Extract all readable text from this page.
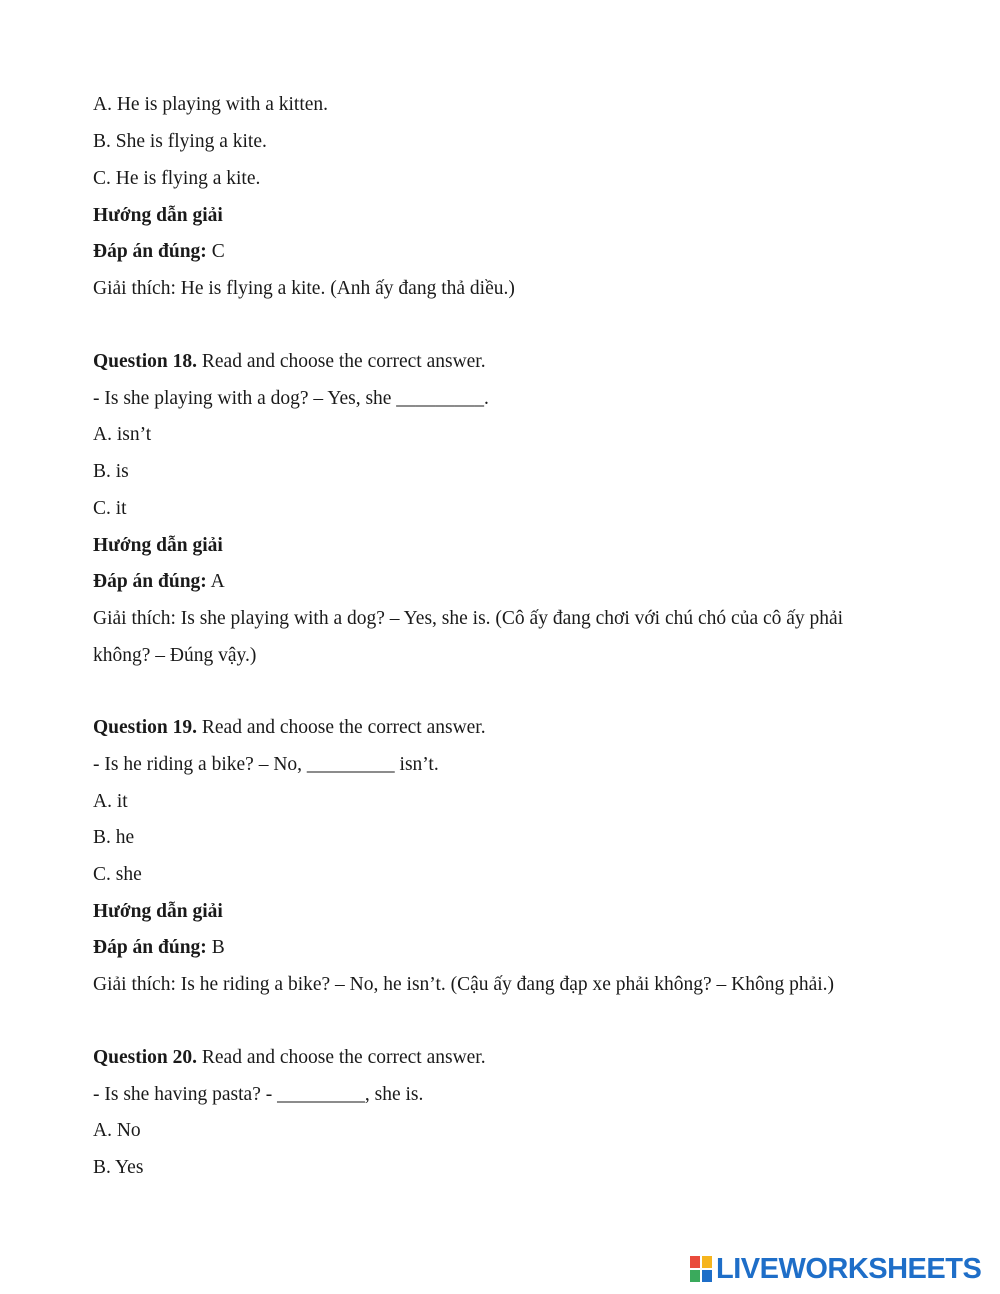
A. He is playing with a kitten.
B. She is flying a kite.
C. He is flying a kite.
Hướng dẫn giải
Đáp án đúng: C
Giải thích: He is flying a kite. (Anh ấy đang thả diều.)
Question 18. Read and choose the correct answer.
- Is she playing with a dog? – Yes, she _________.
A. isn’t
B. is
C. it
Hướng dẫn giải
Đáp án đúng: A
Giải thích: Is she playing with a dog? – Yes, she is. (Cô ấy đang chơi với chú chó của cô ấy phải
không? – Đúng vậy.)
Question 19. Read and choose the correct answer.
- Is he riding a bike? – No, _________ isn’t.
A. it
B. he
C. she
Hướng dẫn giải
Đáp án đúng: B
Giải thích: Is he riding a bike? – No, he isn’t. (Cậu ấy đang đạp xe phải không? – Không phải.)
Question 20. Read and choose the correct answer.
- Is she having pasta? - _________, she is.
A. No
B. Yes
LIVEWORKSHEETS
